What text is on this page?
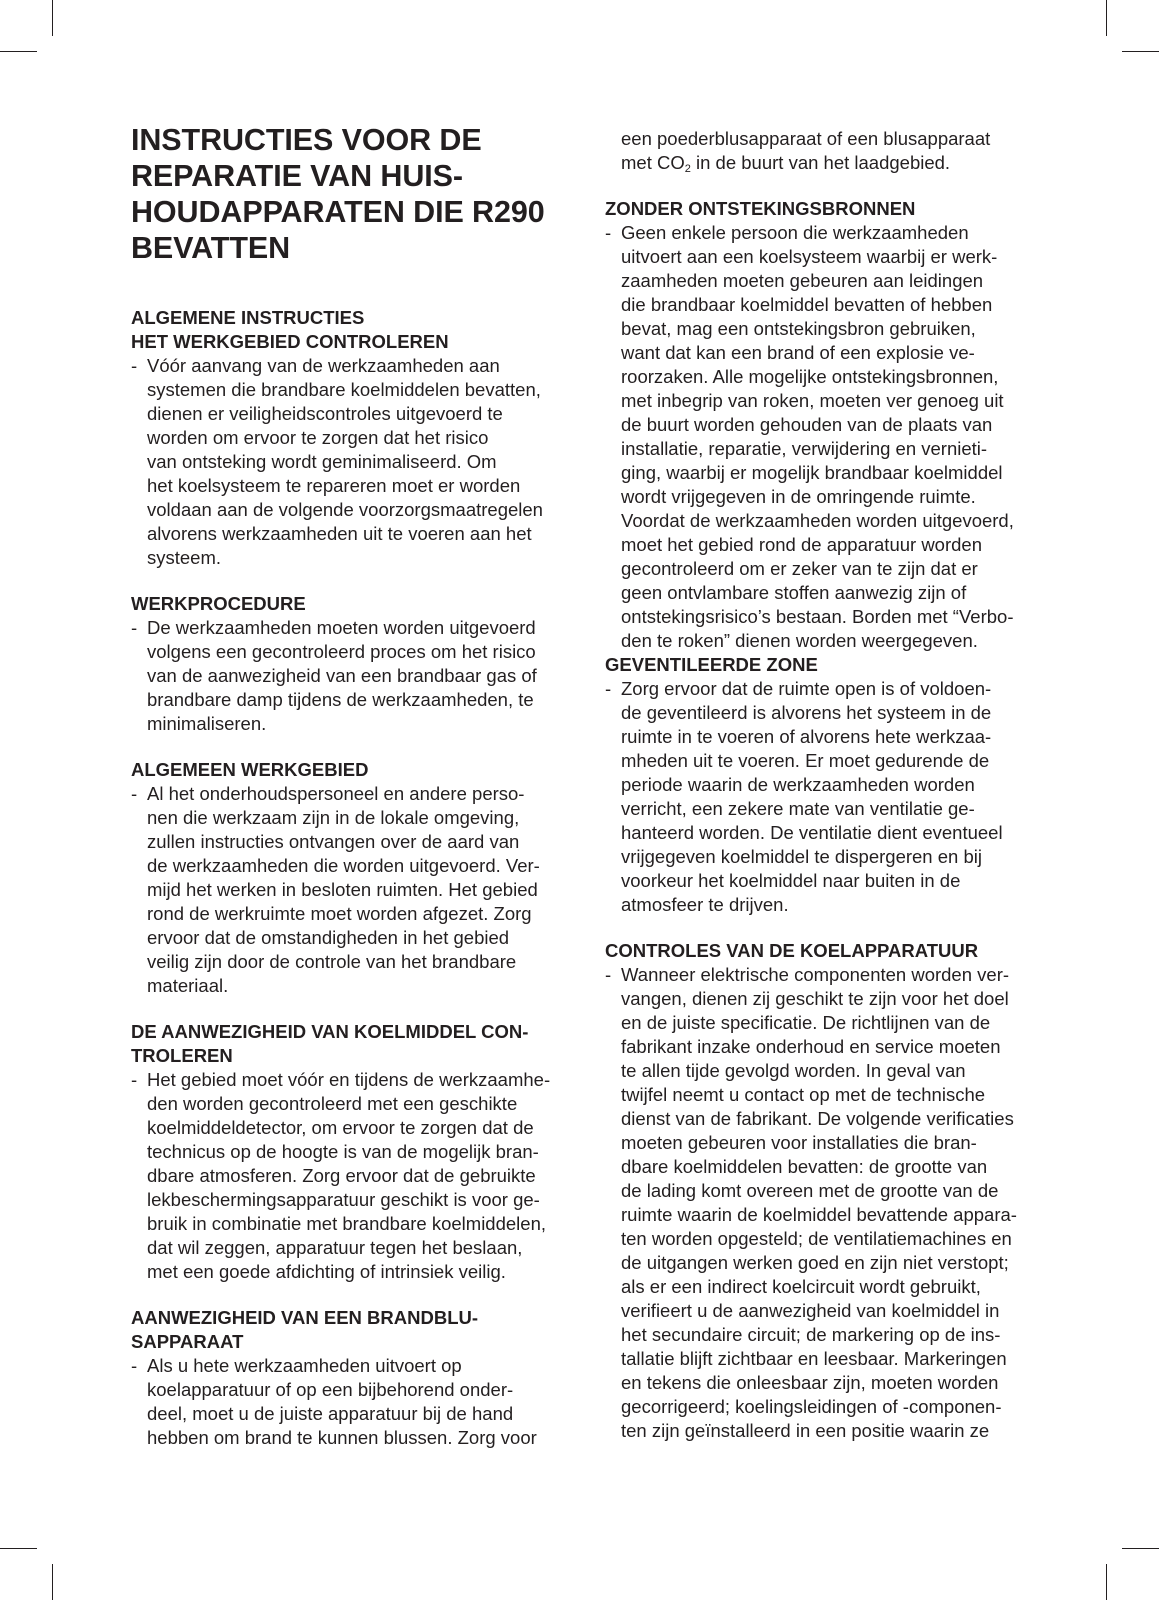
INSTRUCTIES VOOR DE
REPARATIE VAN HUIS-
HOUDAPPARATEN DIE R290
BEVATTEN
ALGEMENE INSTRUCTIES
HET WERKGEBIED CONTROLEREN
- Vóór aanvang van de werkzaamheden aan
systemen die brandbare koelmiddelen bevatten,
dienen er veiligheidscontroles uitgevoerd te
worden om ervoor te zorgen dat het risico
van ontsteking wordt geminimaliseerd. Om
het koelsysteem te repareren moet er worden
voldaan aan de volgende voorzorgsmaatregelen
alvorens werkzaamheden uit te voeren aan het
systeem.
WERKPROCEDURE
- De werkzaamheden moeten worden uitgevoerd
volgens een gecontroleerd proces om het risico
van de aanwezigheid van een brandbaar gas of
brandbare damp tijdens de werkzaamheden, te
minimaliseren.
ALGEMEEN WERKGEBIED
- Al het onderhoudspersoneel en andere perso-
nen die werkzaam zijn in de lokale omgeving,
zullen instructies ontvangen over de aard van
de werkzaamheden die worden uitgevoerd. Ver-
mijd het werken in besloten ruimten. Het gebied
rond de werkruimte moet worden afgezet. Zorg
ervoor dat de omstandigheden in het gebied
veilig zijn door de controle van het brandbare
materiaal.
DE AANWEZIGHEID VAN KOELMIDDEL CON-
TROLEREN
- Het gebied moet vóór en tijdens de werkzaamhe-
den worden gecontroleerd met een geschikte
koelmiddeldetector, om ervoor te zorgen dat de
technicus op de hoogte is van de mogelijk bran-
dbare atmosferen. Zorg ervoor dat de gebruikte
lekbeschermingsapparatuur geschikt is voor ge-
bruik in combinatie met brandbare koelmiddelen,
dat wil zeggen, apparatuur tegen het beslaan,
met een goede afdichting of intrinsiek veilig.
AANWEZIGHEID VAN EEN BRANDBLU-
SAPPARAAT
- Als u hete werkzaamheden uitvoert op
koelapparatuur of op een bijbehorend onder-
deel, moet u de juiste apparatuur bij de hand
hebben om brand te kunnen blussen. Zorg voor
een poederblusapparaat of een blusapparaat
met $CO_2$ in de buurt van het laadgebied.
ZONDER ONTSTEKINGSBRONNEN
- Geen enkele persoon die werkzaamheden
uitvoert aan een koelsysteem waarbij er werk-
zaamheden moeten gebeuren aan leidingen
die brandbaar koelmiddel bevatten of hebben
bevat, mag een ontstekingsbron gebruiken,
want dat kan een brand of een explosie ve-
roorzaken. Alle mogelijke ontstekingsbronnen,
met inbegrip van roken, moeten ver genoeg uit
de buurt worden gehouden van de plaats van
installatie, reparatie, verwijdering en vernieti-
ging, waarbij er mogelijk brandbaar koelmiddel
wordt vrijgegeven in de omringende ruimte.
Voordat de werkzaamheden worden uitgevoerd,
moet het gebied rond de apparatuur worden
gecontroleerd om er zeker van te zijn dat er
geen ontvlambare stoffen aanwezig zijn of
ontstekingsrisico’s bestaan. Borden met “Verbo-
den te roken” dienen worden weergegeven.
GEVENTILEERDE ZONE
- Zorg ervoor dat de ruimte open is of voldoen-
de geventileerd is alvorens het systeem in de
ruimte in te voeren of alvorens hete werkzaa-
mheden uit te voeren. Er moet gedurende de
periode waarin de werkzaamheden worden
verricht, een zekere mate van ventilatie ge-
hanteerd worden. De ventilatie dient eventueel
vrijgegeven koelmiddel te dispergeren en bij
voorkeur het koelmiddel naar buiten in de
atmosfeer te drijven.
CONTROLES VAN DE KOELAPPARATUUR
- Wanneer elektrische componenten worden ver-
vangen, dienen zij geschikt te zijn voor het doel
en de juiste specificatie. De richtlijnen van de
fabrikant inzake onderhoud en service moeten
te allen tijde gevolgd worden. In geval van
twijfel neemt u contact op met de technische
dienst van de fabrikant. De volgende verificaties
moeten gebeuren voor installaties die bran-
dbare koelmiddelen bevatten: de grootte van
de lading komt overeen met de grootte van de
ruimte waarin de koelmiddel bevattende appara-
ten worden opgesteld; de ventilatiemachines en
de uitgangen werken goed en zijn niet verstopt;
als er een indirect koelcircuit wordt gebruikt,
verifieert u de aanwezigheid van koelmiddel in
het secundaire circuit; de markering op de ins-
tallatie blijft zichtbaar en leesbaar. Markeringen
en tekens die onleesbaar zijn, moeten worden
gecorrigeerd; koelingsleidingen of -componen-
ten zijn geïnstalleerd in een positie waarin ze
